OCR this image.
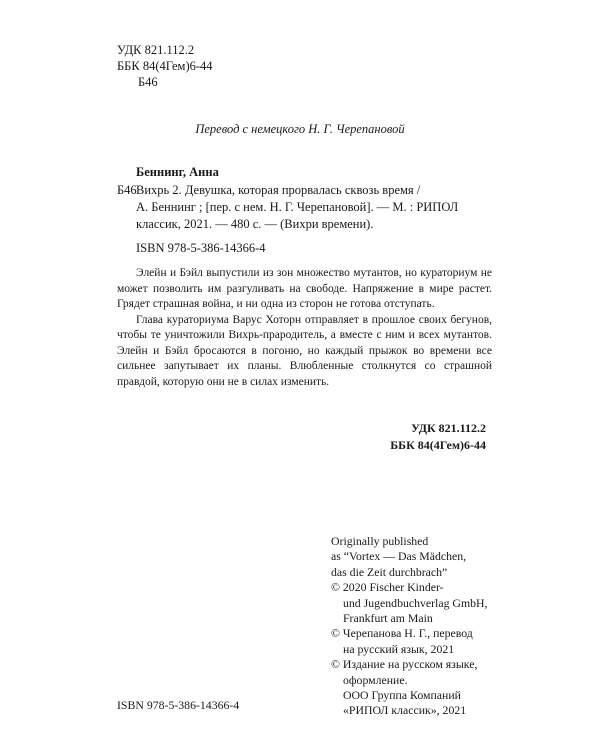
УДК 821.112.2
ББК 84(4Гем)6-44
Б46
Перевод с немецкого Н. Г. Черепановой
Беннинг, Анна
Б46 Вихрь 2. Девушка, которая прорвалась сквозь время /
А. Беннинг ; [пер. с нем. Н. Г. Черепановой]. — М. : РИПОЛ
классик, 2021. — 480 с. — (Вихри времени).
ISBN 978-5-386-14366-4

Элейн и Бэйл выпустили из зон множество мутантов, но кураториум не может позволить им разгуливать на свободе. Напряжение в мире растет. Грядет страшная война, и ни одна из сторон не готова отступать.

Глава кураториума Варус Хоторн отправляет в прошлое своих бегунов, чтобы те уничтожили Вихрь-прародитель, а вместе с ним и всех мутантов. Элейн и Бэйл бросаются в погоню, но каждый прыжок во времени все сильнее запутывает их планы. Влюбленные столкнутся со страшной правдой, которую они не в силах изменить.

УДК 821.112.2
ББК 84(4Гем)6-44
Originally published
as “Vortex — Das Mädchen,
das die Zeit durchbrach”
© 2020 Fischer Kinder-
und Jugendbuchverlag GmbH,
Frankfurt am Main
© Черепанова Н. Г., перевод
на русский язык, 2021
© Издание на русском языке,
оформление.
ООО Группа Компаний
«РИПОЛ классик», 2021
ISBN 978-5-386-14366-4
